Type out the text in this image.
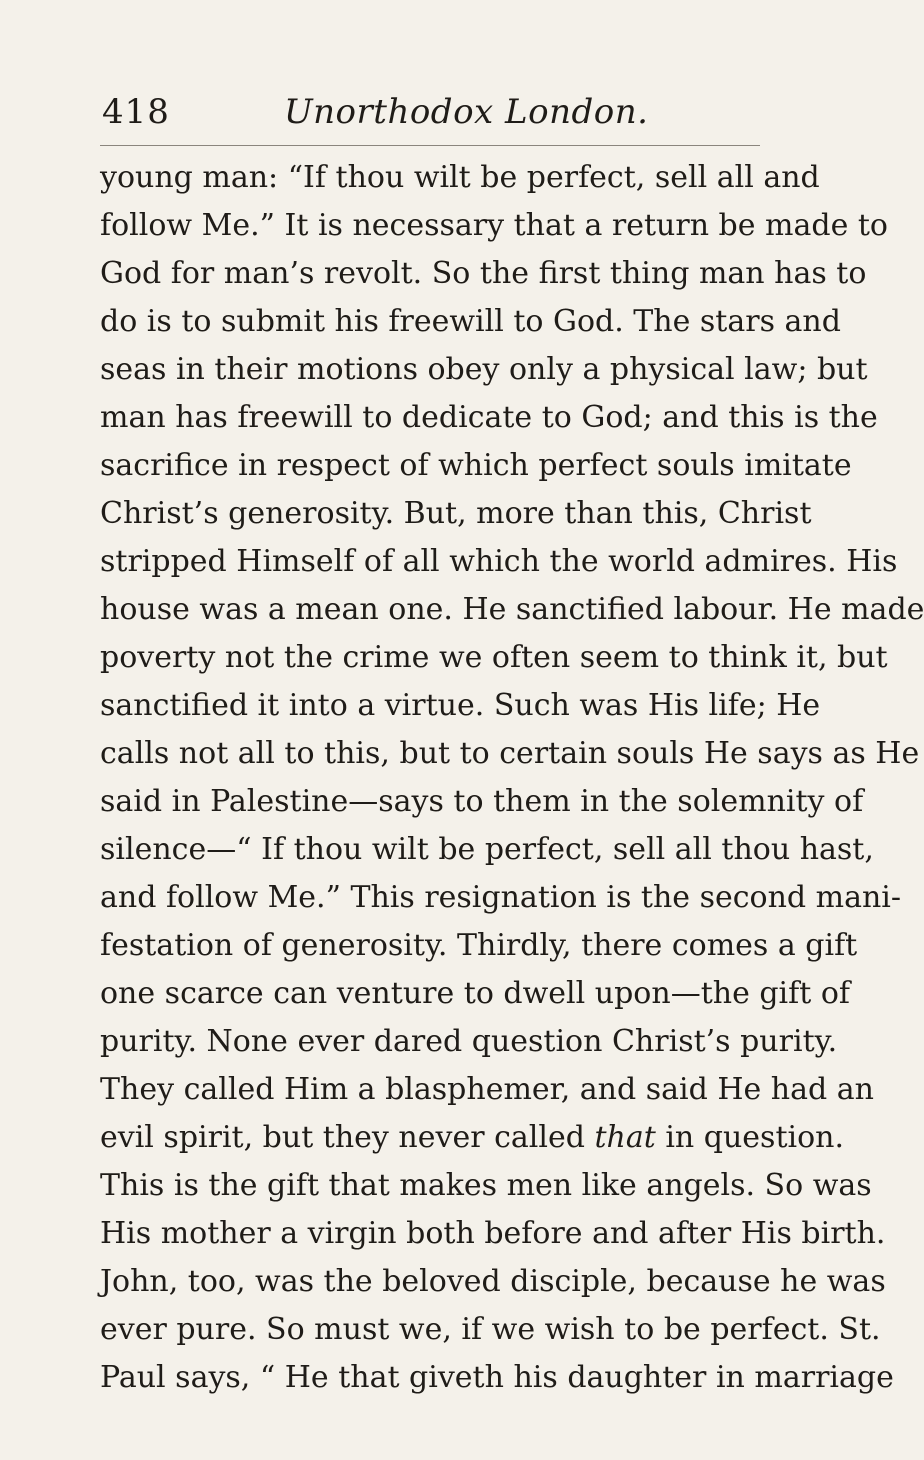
418	Unorthodox London.
young man: “If thou wilt be perfect, sell all and
follow Me.” It is necessary that a return be made to
God for man’s revolt. So the first thing man has to
do is to submit his freewill to God. The stars and
seas in their motions obey only a physical law; but
man has freewill to dedicate to God; and this is the
sacrifice in respect of which perfect souls imitate
Christ’s generosity. But, more than this, Christ
stripped Himself of all which the world admires. His
house was a mean one. He sanctified labour. He made
poverty not the crime we often seem to think it, but
sanctified it into a virtue. Such was His life; He
calls not all to this, but to certain souls He says as He
said in Palestine—says to them in the solemnity of
silence—“ If thou wilt be perfect, sell all thou hast,
and follow Me.” This resignation is the second mani-
festation of generosity. Thirdly, there comes a gift
one scarce can venture to dwell upon—the gift of
purity. None ever dared question Christ’s purity.
They called Him a blasphemer, and said He had an
evil spirit, but they never called that in question.
This is the gift that makes men like angels. So was
His mother a virgin both before and after His birth.
John, too, was the beloved disciple, because he was
ever pure. So must we, if we wish to be perfect. St.
Paul says, “ He that giveth his daughter in marriage
